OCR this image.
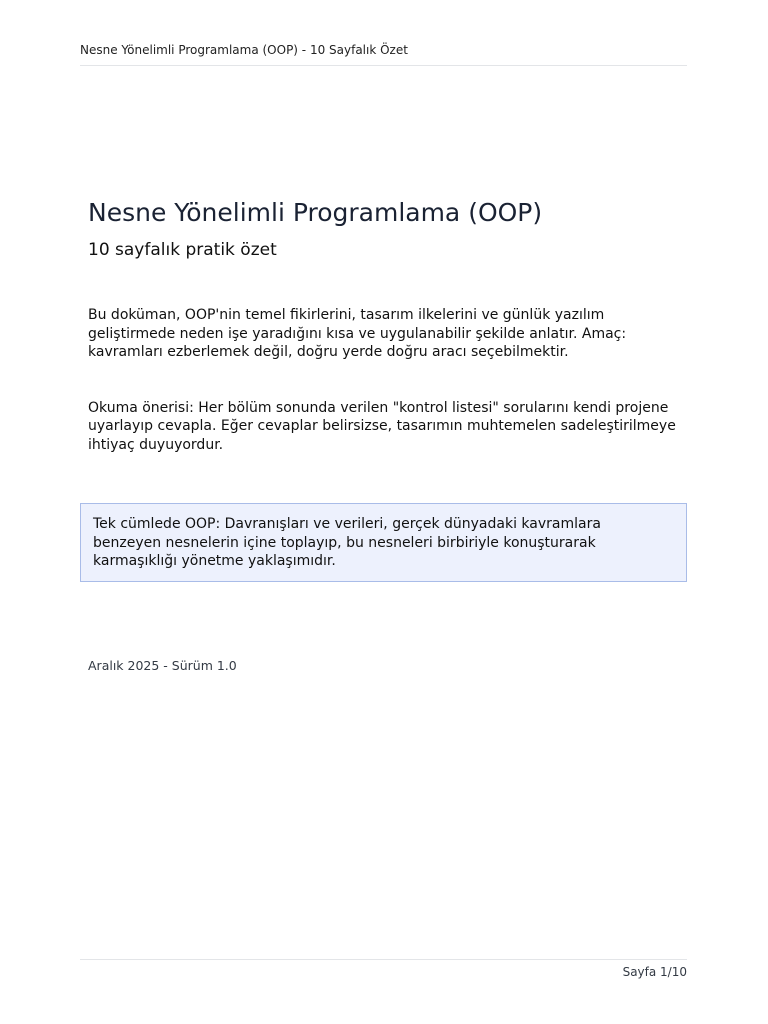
Nesne Yönelimli Programlama (OOP) - 10 Sayfalık Özet
Nesne Yönelimli Programlama (OOP)
10 sayfalık pratik özet

Bu doküman, OOP'nin temel fikirlerini, tasarım ilkelerini ve günlük yazılım geliştirmede neden işe yaradığını kısa ve uygulanabilir şekilde anlatır. Amaç: kavramları ezberlemek değil, doğru yerde doğru aracı seçebilmektir.

Okuma önerisi: Her bölüm sonunda verilen "kontrol listesi" sorularını kendi projene uyarlayıp cevapla. Eğer cevaplar belirsizse, tasarımın muhtemelen sadeleştirilmeye ihtiyaç duyuyordur.

Tek cümlede OOP: Davranışları ve verileri, gerçek dünyadaki kavramlara benzeyen nesnelerin içine toplayıp, bu nesneleri birbiriyle konuşturarak karmaşıklığı yönetme yaklaşımıdır.
Aralık 2025 - Sürüm 1.0
Sayfa 1/10
